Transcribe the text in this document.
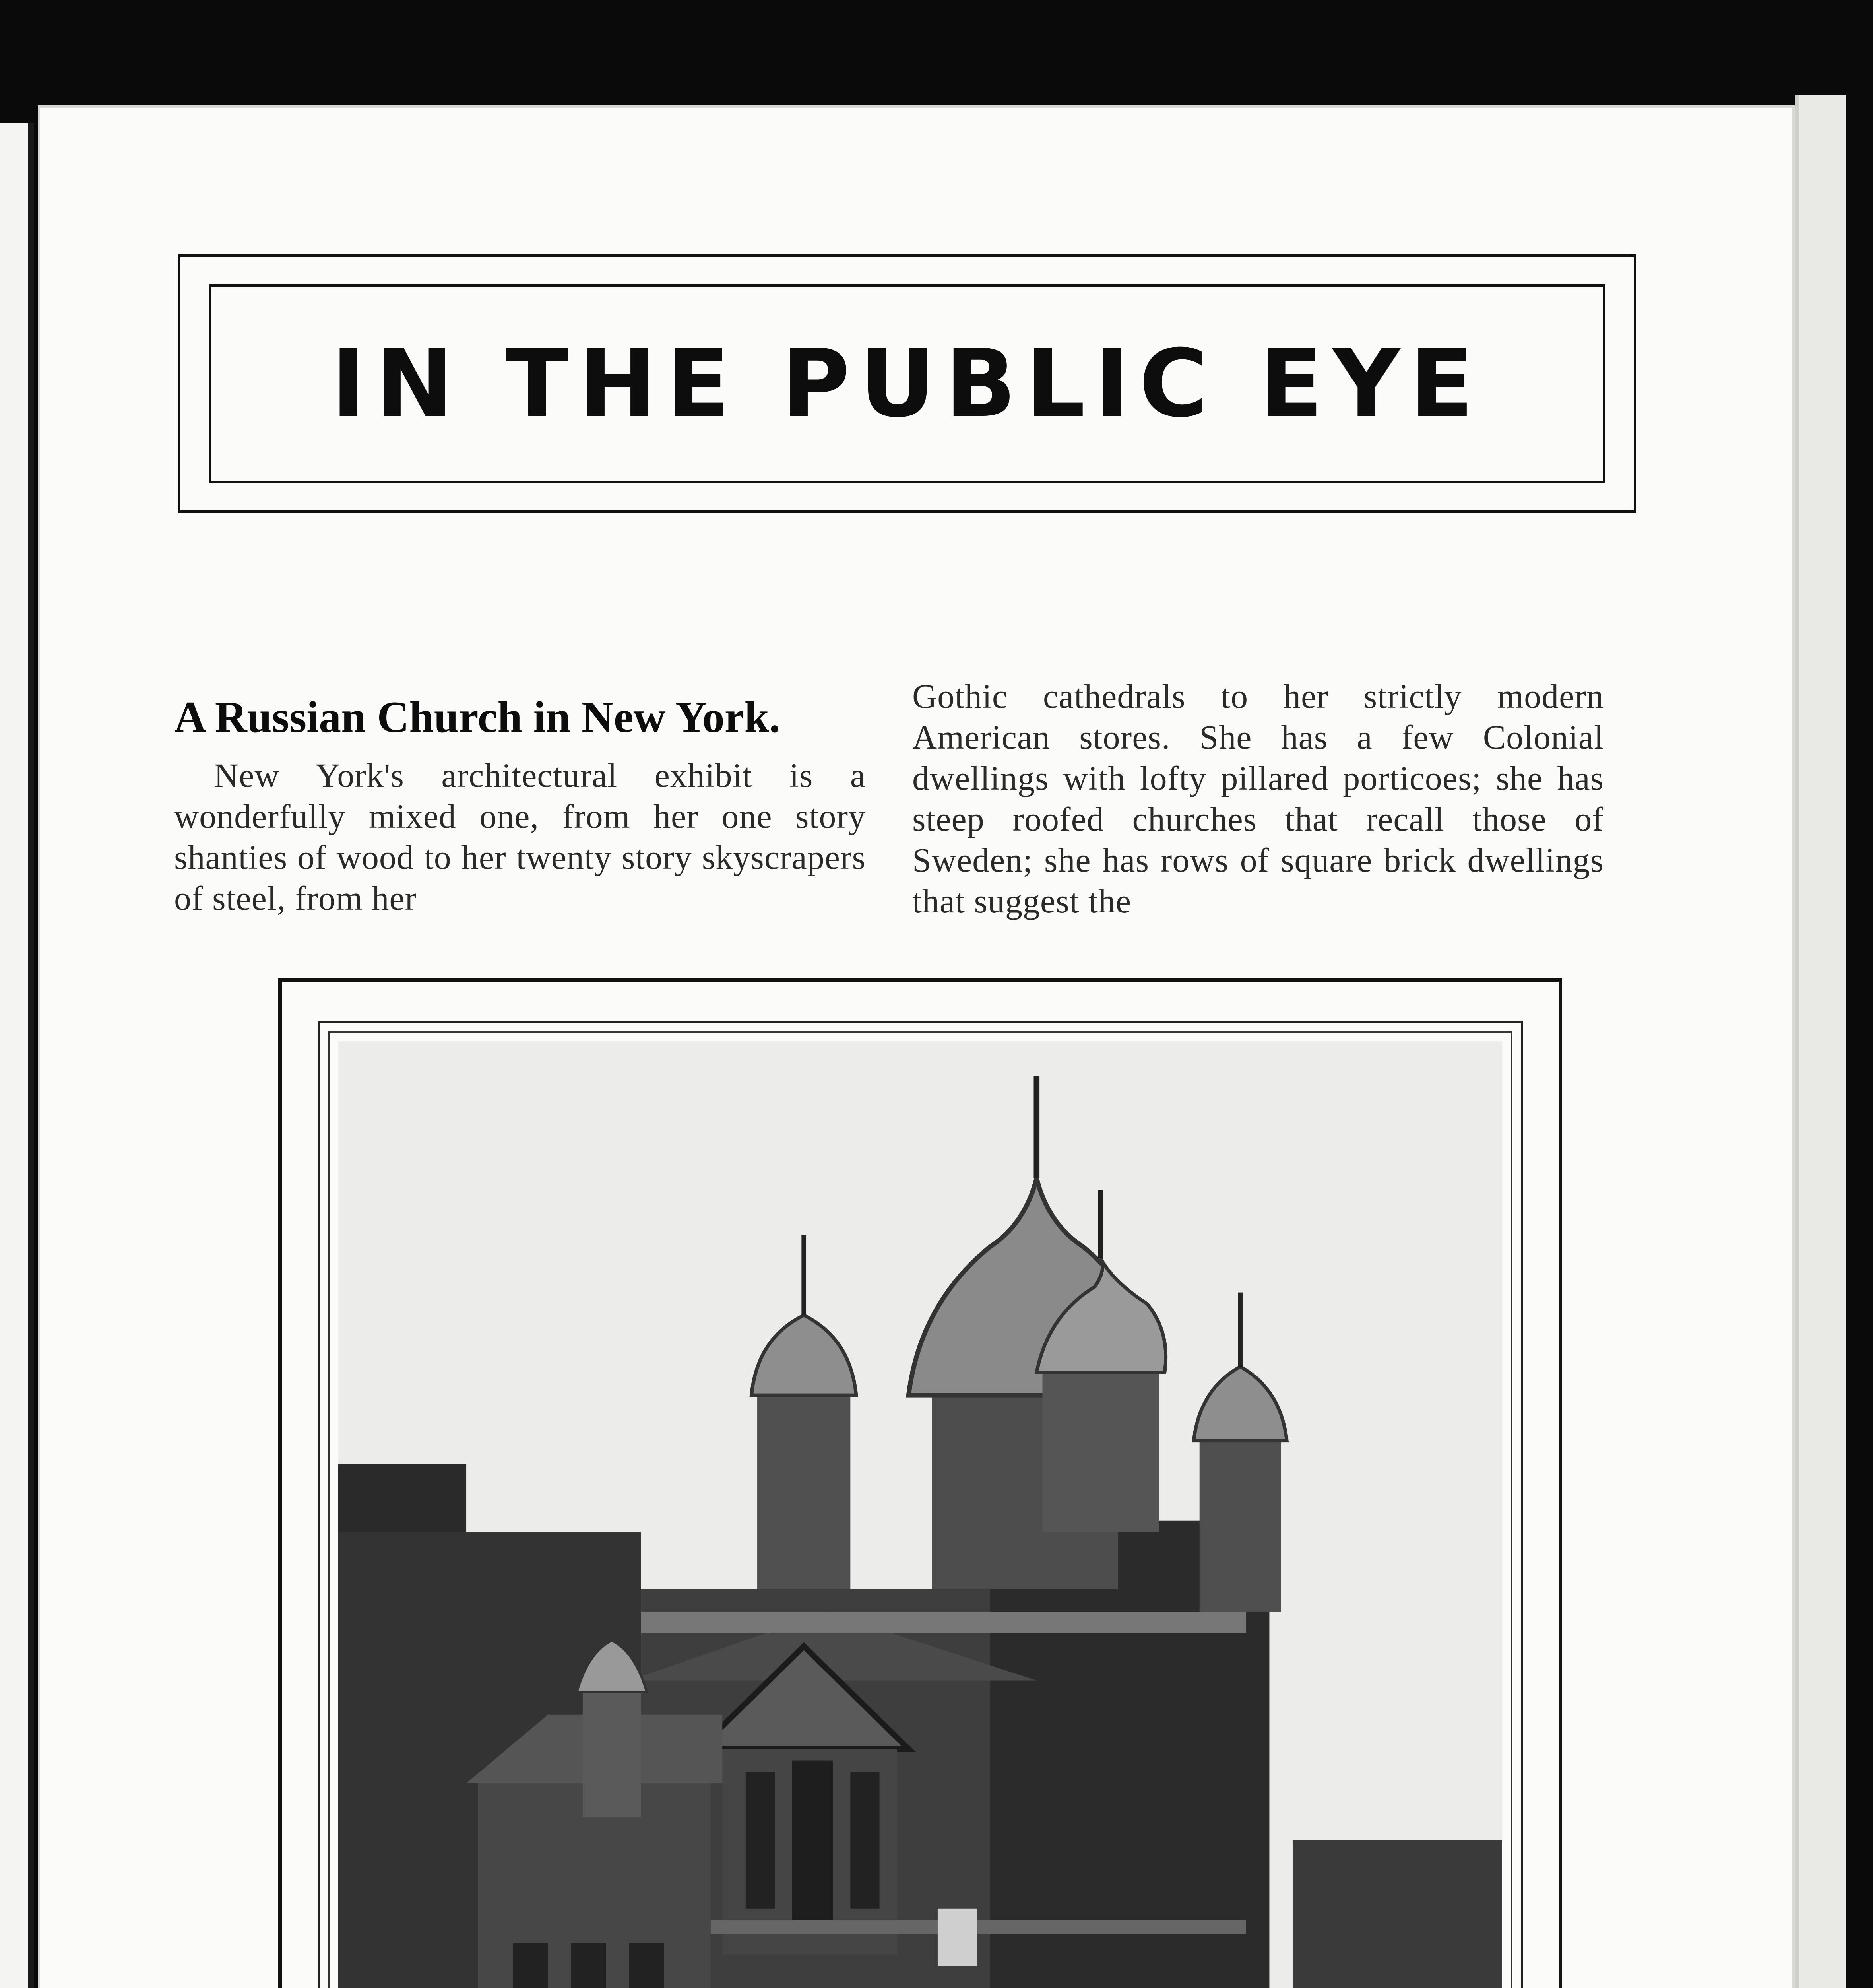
IN THE PUBLIC EYE
A Russian Church in New York.

New York's architectural exhibit is a wonderfully mixed one, from her one story shanties of wood to her twenty story skyscrapers of steel, from her

Gothic cathedrals to her strictly modern American stores. She has a few Colonial dwellings with lofty pillared porticoes; she has steep roofed churches that recall those of Sweden; she has rows of square brick dwellings that suggest the
